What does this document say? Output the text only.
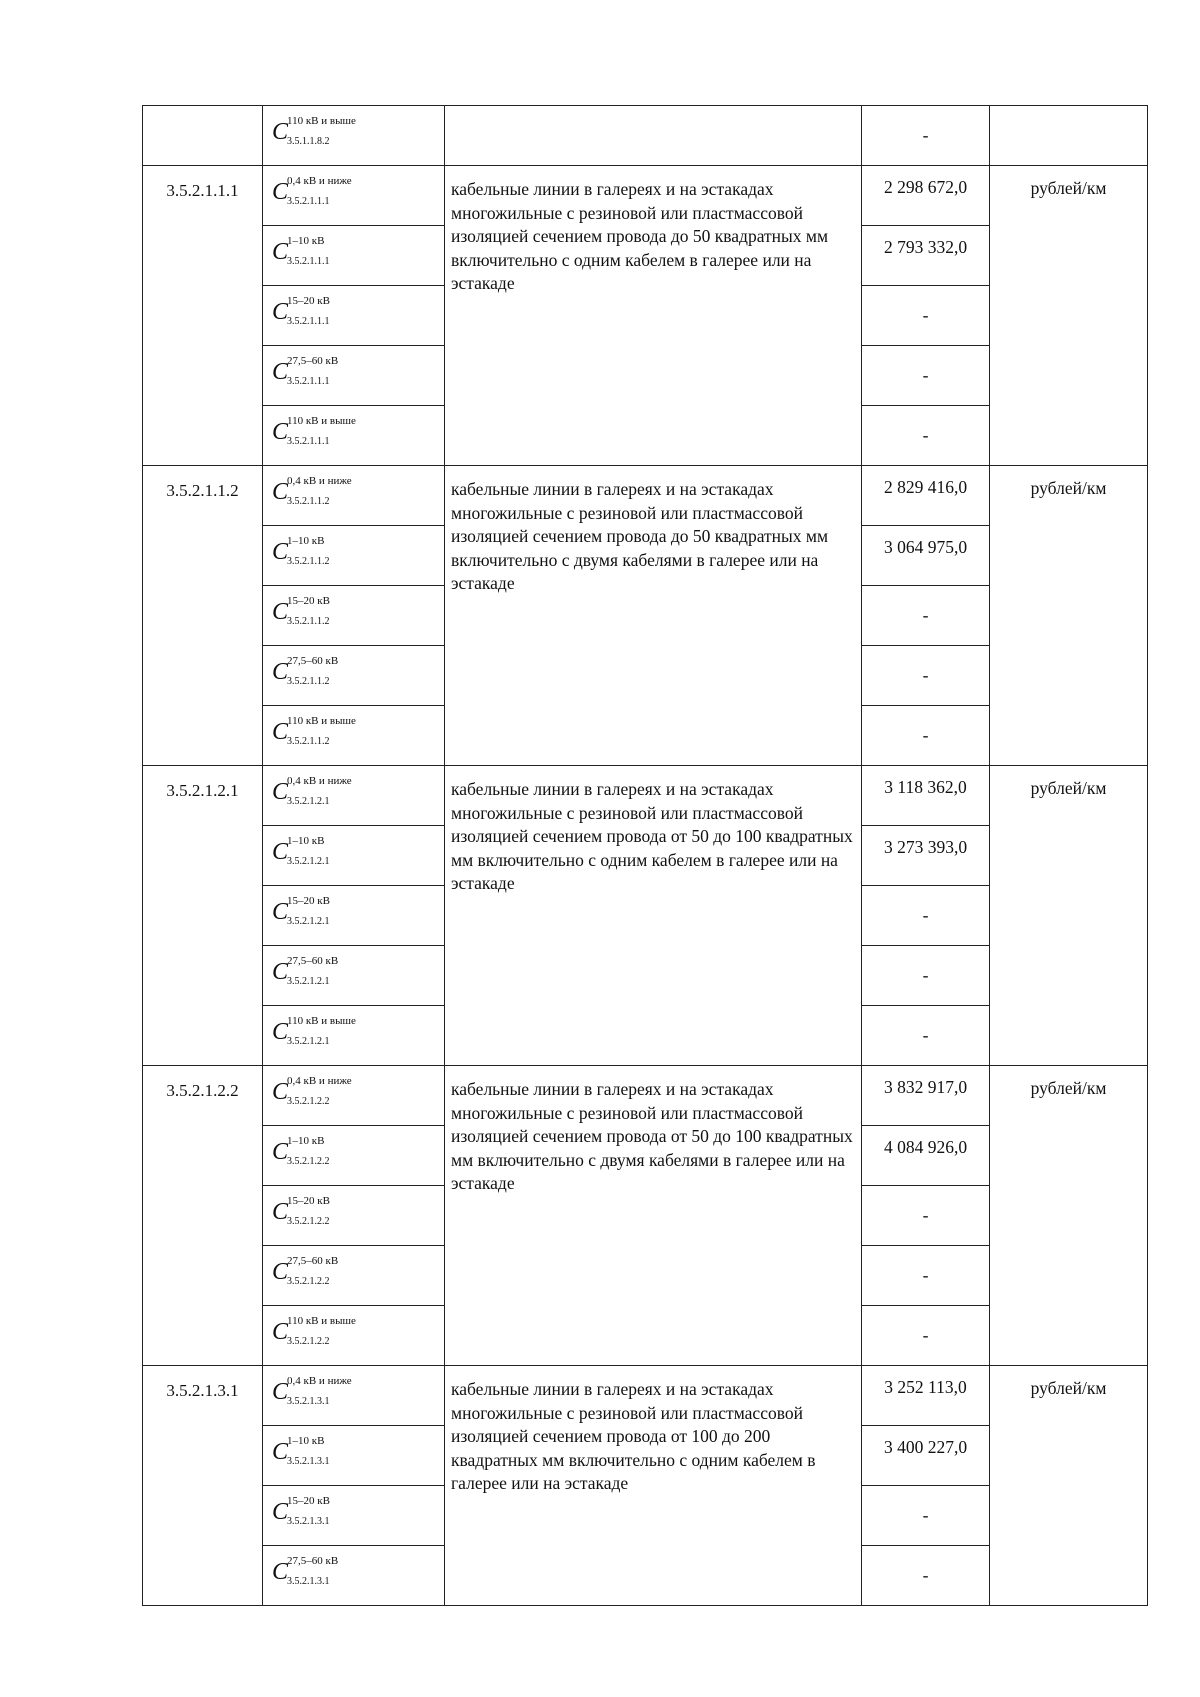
	C
110 кВ и выше
3.5.1.1.8.2		-	
3.5.2.1.1.1	C
0,4 кВ и ниже
3.5.2.1.1.1	кабельные линии в галереях и на эстакадах многожильные с резиновой или пластмассовой изоляцией сечением провода до 50 квадратных мм включительно с одним кабелем в галерее или на эстакаде	2 298 672,0	рублей/км

	C
1–10 кВ
3.5.2.1.1.1		2 793 332,0	

	C
15–20 кВ
3.5.2.1.1.1		-	

	C
27,5–60 кВ
3.5.2.1.1.1		-	

	C
110 кВ и выше
3.5.2.1.1.1		-	
3.5.2.1.1.2	C
0,4 кВ и ниже
3.5.2.1.1.2	кабельные линии в галереях и на эстакадах многожильные с резиновой или пластмассовой изоляцией сечением провода до 50 квадратных мм включительно с двумя кабелями в галерее или на эстакаде	2 829 416,0	рублей/км

	C
1–10 кВ
3.5.2.1.1.2		3 064 975,0	

	C
15–20 кВ
3.5.2.1.1.2		-	

	C
27,5–60 кВ
3.5.2.1.1.2		-	

	C
110 кВ и выше
3.5.2.1.1.2		-	
3.5.2.1.2.1	C
0,4 кВ и ниже
3.5.2.1.2.1	кабельные линии в галереях и на эстакадах многожильные с резиновой или пластмассовой изоляцией сечением провода от 50 до 100 квадратных мм включительно с одним кабелем в галерее или на эстакаде	3 118 362,0	рублей/км

	C
1–10 кВ
3.5.2.1.2.1		3 273 393,0	

	C
15–20 кВ
3.5.2.1.2.1		-	

	C
27,5–60 кВ
3.5.2.1.2.1		-	

	C
110 кВ и выше
3.5.2.1.2.1		-	
3.5.2.1.2.2	C
0,4 кВ и ниже
3.5.2.1.2.2	кабельные линии в галереях и на эстакадах многожильные с резиновой или пластмассовой изоляцией сечением провода от 50 до 100 квадратных мм включительно с двумя кабелями в галерее или на эстакаде	3 832 917,0	рублей/км

	C
1–10 кВ
3.5.2.1.2.2		4 084 926,0	

	C
15–20 кВ
3.5.2.1.2.2		-	

	C
27,5–60 кВ
3.5.2.1.2.2		-	

	C
110 кВ и выше
3.5.2.1.2.2		-	
3.5.2.1.3.1	C
0,4 кВ и ниже
3.5.2.1.3.1	кабельные линии в галереях и на эстакадах многожильные с резиновой или пластмассовой изоляцией сечением провода от 100 до 200 квадратных мм включительно с одним кабелем в галерее или на эстакаде	3 252 113,0	рублей/км

	C
1–10 кВ
3.5.2.1.3.1		3 400 227,0	

	C
15–20 кВ
3.5.2.1.3.1		-	

	C
27,5–60 кВ
3.5.2.1.3.1		-	
